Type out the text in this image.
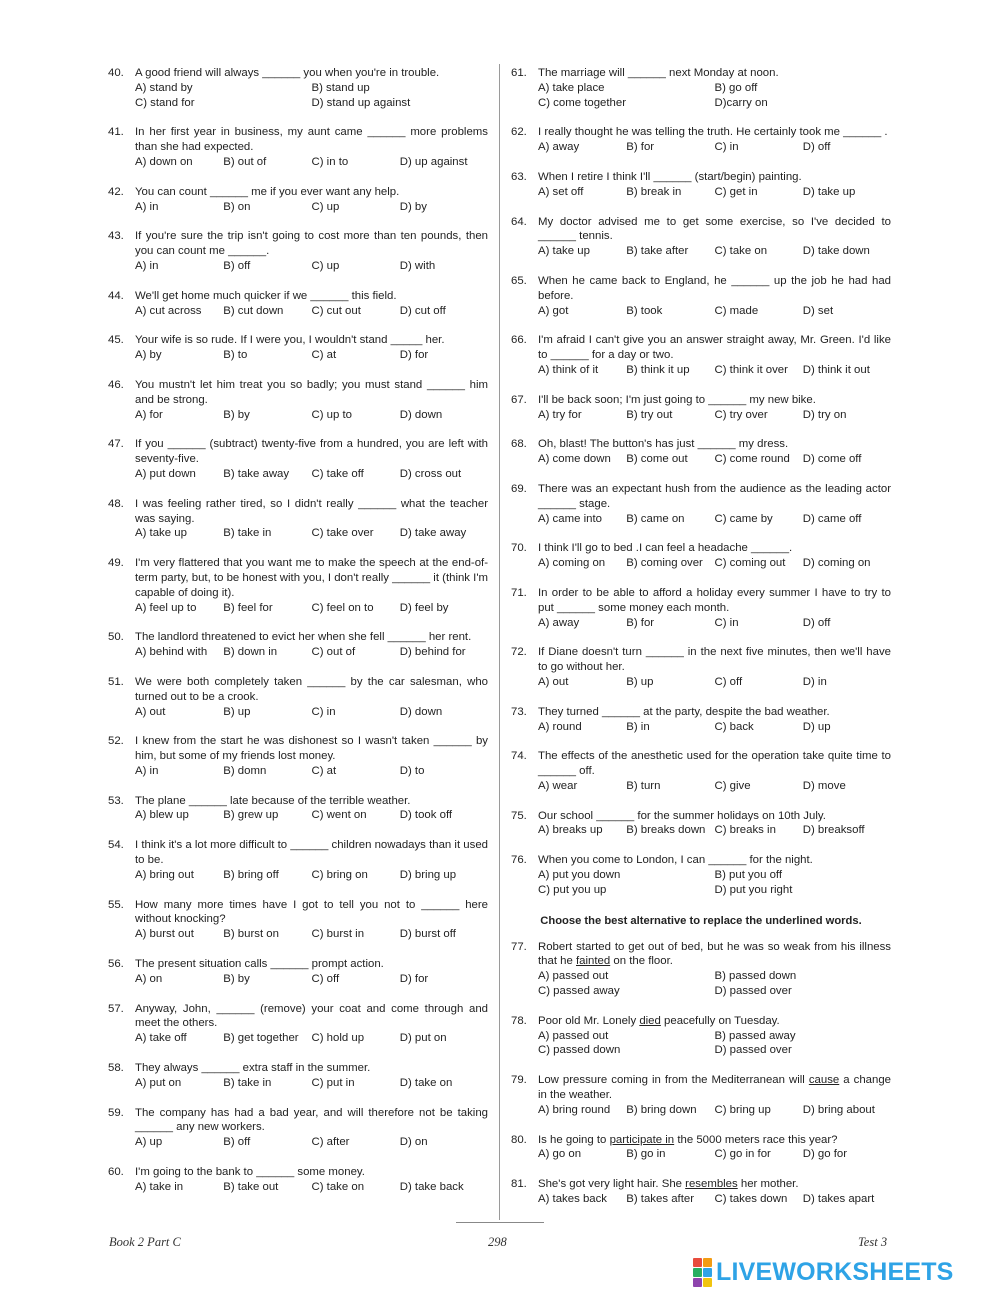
40. A good friend will always ______ you when you're in trouble.
A) stand by	B) stand up
C) stand for	D) stand up against
41. In her first year in business, my aunt came ______ more problems than she had expected.
A) down on	B) out of	C) in to	D) up against
42. You can count ______ me if you ever want any help.
A) in	B) on	C) up	D) by
43. If you're sure the trip isn't going to cost more than ten pounds, then you can count me ______.
A) in	B) off	C) up	D) with
44. We'll get home much quicker if we ______ this field.
A) cut across	B) cut down	C) cut out	D) cut off
45. Your wife is so rude. If I were you, I wouldn't stand _____ her.
A) by	B) to	C) at	D) for
46. You mustn't let him treat you so badly; you must stand ______ him and be strong.
A) for	B) by	C) up to	D) down
47. If you ______ (subtract) twenty-five from a hundred, you are left with seventy-five.
A) put down	B) take away	C) take off	D) cross out
48. I was feeling rather tired, so I didn't really ______ what the teacher was saying.
A) take up	B) take in	C) take over	D) take away
49. I'm very flattered that you want me to make the speech at the end-of-term party, but, to be honest with you, I don't really ______ it (think I'm capable of doing it).
A) feel up to	B) feel for	C) feel on to	D) feel by
50. The landlord threatened to evict her when she fell ______ her rent.
A) behind with	B) down in	C) out of	D) behind for
51. We were both completely taken ______ by the car salesman, who turned out to be a crook.
A) out	B) up	C) in	D) down
52. I knew from the start he was dishonest so I wasn't taken ______ by him, but some of my friends lost money.
A) in	B) domn	C) at	D) to
53. The plane ______ late because of the terrible weather.
A) blew up	B) grew up	C) went on	D) took off
54. I think it's a lot more difficult to ______ children nowadays than it used to be.
A) bring out	B) bring off	C) bring on	D) bring up
55. How many more times have I got to tell you not to ______ here without knocking?
A) burst out	B) burst on	C) burst in	D) burst off
56. The present situation calls ______ prompt action.
A) on	B) by	C) off	D) for
57. Anyway, John, ______ (remove) your coat and come through and meet the others.
A) take off	B) get together	C) hold up	D) put on
58. They always ______ extra staff in the summer.
A) put on	B) take in	C) put in	D) take on
59. The company has had a bad year, and will therefore not be taking ______ any new workers.
A) up	B) off	C) after	D) on
60. I'm going to the bank to ______ some money.
A) take in	B) take out	C) take on	D) take back
61. The marriage will ______ next Monday at noon.
A) take place	B) go off
C) come together	D)carry on
62. I really thought he was telling the truth. He certainly took me ______ .
A) away	B) for	C) in	D) off
63. When I retire I think I'll ______ (start/begin) painting.
A) set off	B) break in	C) get in	D) take up
64. My doctor advised me to get some exercise, so I've decided to ______ tennis.
A) take up	B) take after	C) take on	D) take down
65. When he came back to England, he ______ up the job he had had before.
A) got	B) took	C) made	D) set
66. I'm afraid I can't give you an answer straight away, Mr. Green. I'd like to ______ for a day or two.
A) think of it	B) think it up	C) think it over	D) think it out
67. I'll be back soon; I'm just going to ______ my new bike.
A) try for	B) try out	C) try over	D) try on
68. Oh, blast! The button's has just ______ my dress.
A) come down	B) come out	C) come round	D) come off
69. There was an expectant hush from the audience as the leading actor ______ stage.
A) came into	B) came on	C) came by	D) came off
70. I think I'll go to bed .I can feel a headache ______.
A) coming on	B) coming over	C) coming out	D) coming on
71. In order to be able to afford a holiday every summer I have to try to put ______ some money each month.
A) away	B) for	C) in	D) off
72. If Diane doesn't turn ______ in the next five minutes, then we'll have to go without her.
A) out	B) up	C) off	D) in
73. They turned ______ at the party, despite the bad weather.
A) round	B) in	C) back	D) up
74. The effects of the anesthetic used for the operation take quite time to ______ off.
A) wear	B) turn	C) give	D) move
75. Our school ______ for the summer holidays on 10th July.
A) breaks up	B) breaks down C) breaks in	D) breaksoff
76. When you come to London, I can ______ for the night.
A) put you down	B) put you off
C) put you up	D) put you right
Choose the best alternative to replace the underlined words.
77. Robert started to get out of bed, but he was so weak from his illness that he fainted on the floor.
A) passed out	B) passed down
C) passed away	D) passed over
78. Poor old Mr. Lonely died peacefully on Tuesday.
A) passed out	B) passed away
C) passed down	D) passed over
79. Low pressure coming in from the Mediterranean will cause a change in the weather.
A) bring round	B) bring down	C) bring up	D) bring about
80. Is he going to participate in the 5000 meters race this year?
A) go on	B) go in	C) go in for	D) go for
81. She's got very light hair. She resembles her mother.
A) takes back	B) takes after	C) takes down	D) takes apart
Book 2 Part C	298	Test 3
LIVEWORKSHEETS
